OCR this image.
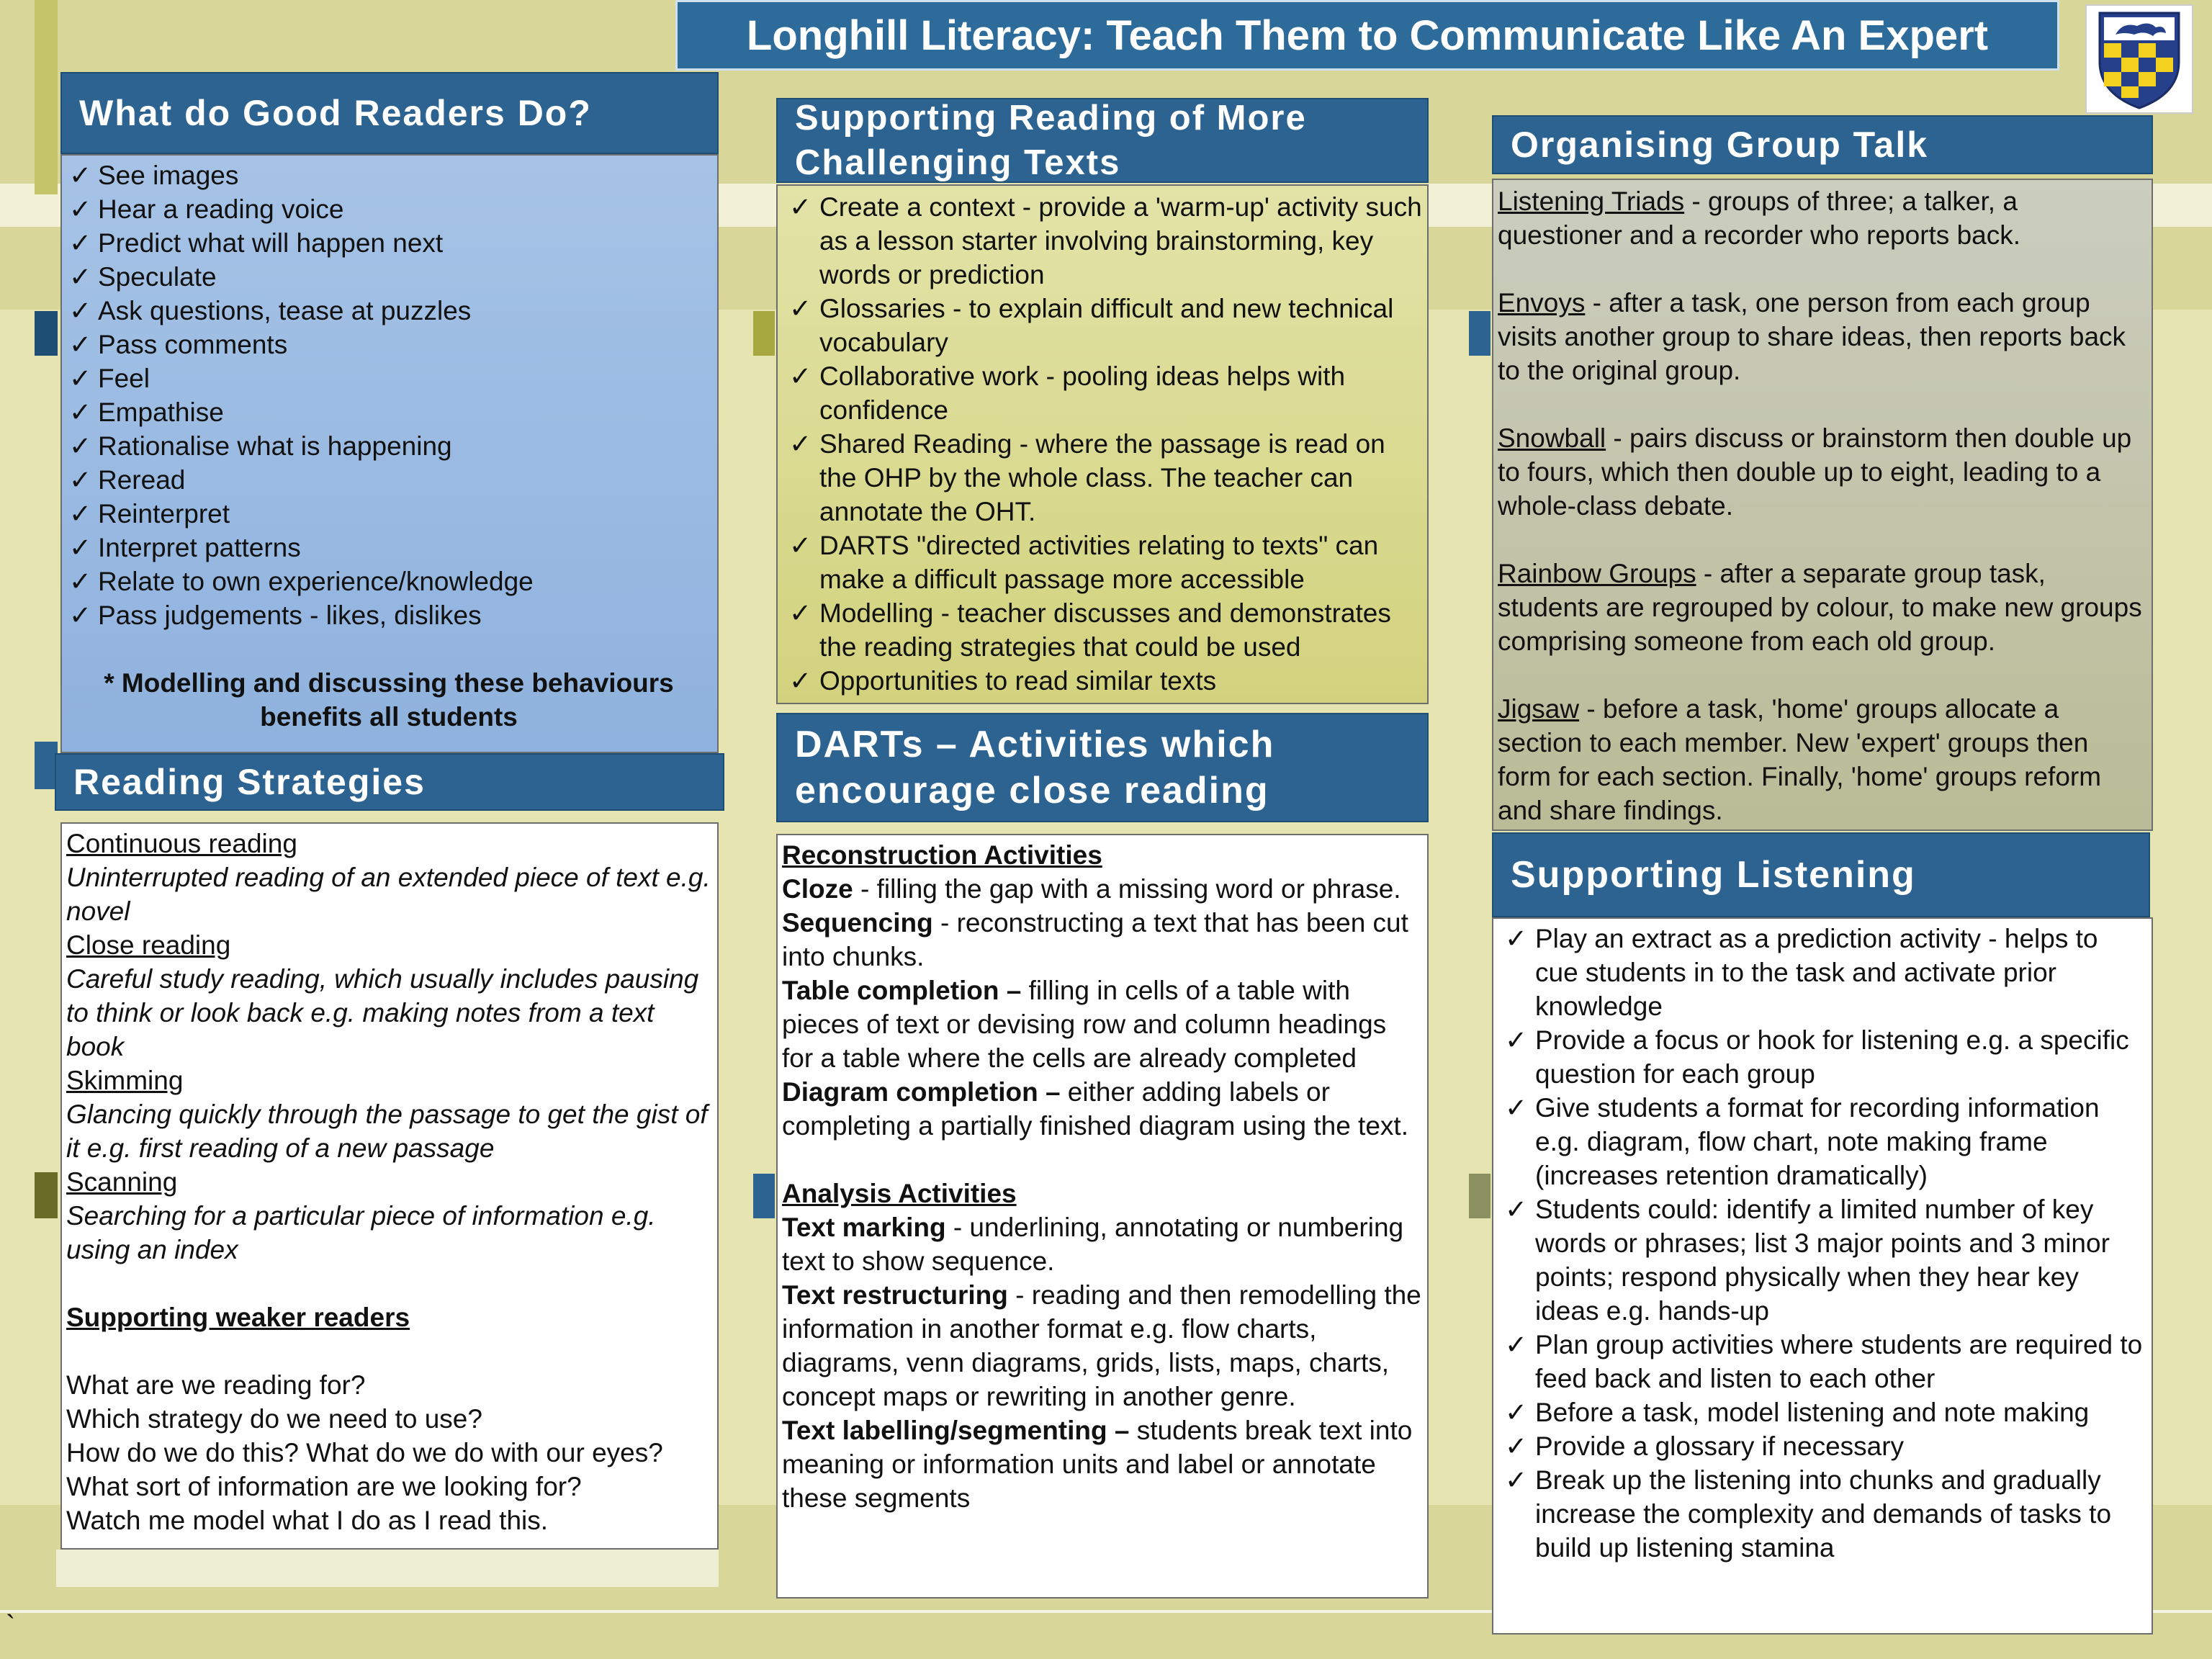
Longhill Literacy: Teach Them to Communicate Like An Expert
What do Good Readers Do?
✓ See images
✓ Hear a reading voice
✓ Predict what will happen next
✓ Speculate
✓ Ask questions, tease at puzzles
✓ Pass comments
✓ Feel
✓ Empathise
✓ Rationalise what is happening
✓ Reread
✓ Reinterpret
✓ Interpret patterns
✓ Relate to own experience/knowledge
✓ Pass judgements - likes, dislikes

* Modelling and discussing these behaviours benefits all students

Reading Strategies

Continuous reading

Uninterrupted reading of an extended piece of text e.g. novel

Close reading

Careful study reading, which usually includes pausing to think or look back e.g. making notes from a text book

Skimming

Glancing quickly through the passage to get the gist of it e.g. first reading of a new passage

Scanning

Searching for a particular piece of information e.g. using an index

Supporting weaker readers

What are we reading for?

Which strategy do we need to use?

How do we do this? What do we do with our eyes?

What sort of information are we looking for?

Watch me model what I do as I read this.

Supporting Reading of More Challenging Texts
✓ Create a context - provide a 'warm-up' activity such as a lesson starter involving brainstorming, key words or prediction
✓ Glossaries - to explain difficult and new technical vocabulary
✓ Collaborative work - pooling ideas helps with confidence
✓ Shared Reading - where the passage is read on the OHP by the whole class. The teacher can annotate the OHT.
✓ DARTS "directed activities relating to texts" can make a difficult passage more accessible
✓ Modelling - teacher discusses and demonstrates the reading strategies that could be used
✓ Opportunities to read similar texts
DARTs – Activities which encourage close reading

Reconstruction Activities

Cloze - filling the gap with a missing word or phrase.

Sequencing - reconstructing a text that has been cut into chunks.

Table completion – filling in cells of a table with pieces of text or devising row and column headings for a table where the cells are already completed

Diagram completion – either adding labels or completing a partially finished diagram using the text.

Analysis Activities

Text marking - underlining, annotating or numbering text to show sequence.

Text restructuring - reading and then remodelling the information in another format e.g. flow charts, diagrams, venn diagrams, grids, lists, maps, charts, concept maps or rewriting in another genre.

Text labelling/segmenting – students break text into meaning or information units and label or annotate these segments

Organising Group Talk

Listening Triads - groups of three; a talker, a questioner and a recorder who reports back.

Envoys - after a task, one person from each group visits another group to share ideas, then reports back to the original group.

Snowball - pairs discuss or brainstorm then double up to fours, which then double up to eight, leading to a whole-class debate.

Rainbow Groups - after a separate group task, students are regrouped by colour, to make new groups comprising someone from each old group.

Jigsaw - before a task, 'home' groups allocate a section to each member. New 'expert' groups then form for each section. Finally, 'home' groups reform and share findings.

Supporting Listening
✓ Play an extract as a prediction activity - helps to cue students in to the task and activate prior knowledge
✓ Provide a focus or hook for listening e.g. a specific question for each group
✓ Give students a format for recording information e.g. diagram, flow chart, note making frame (increases retention dramatically)
✓ Students could: identify a limited number of key words or phrases; list 3 major points and 3 minor points; respond physically when they hear key ideas e.g. hands-up
✓ Plan group activities where students are required to feed back and listen to each other
✓ Before a task, model listening and note making
✓ Provide a glossary if necessary
✓ Break up the listening into chunks and gradually increase the complexity and demands of tasks to build up listening stamina
`
